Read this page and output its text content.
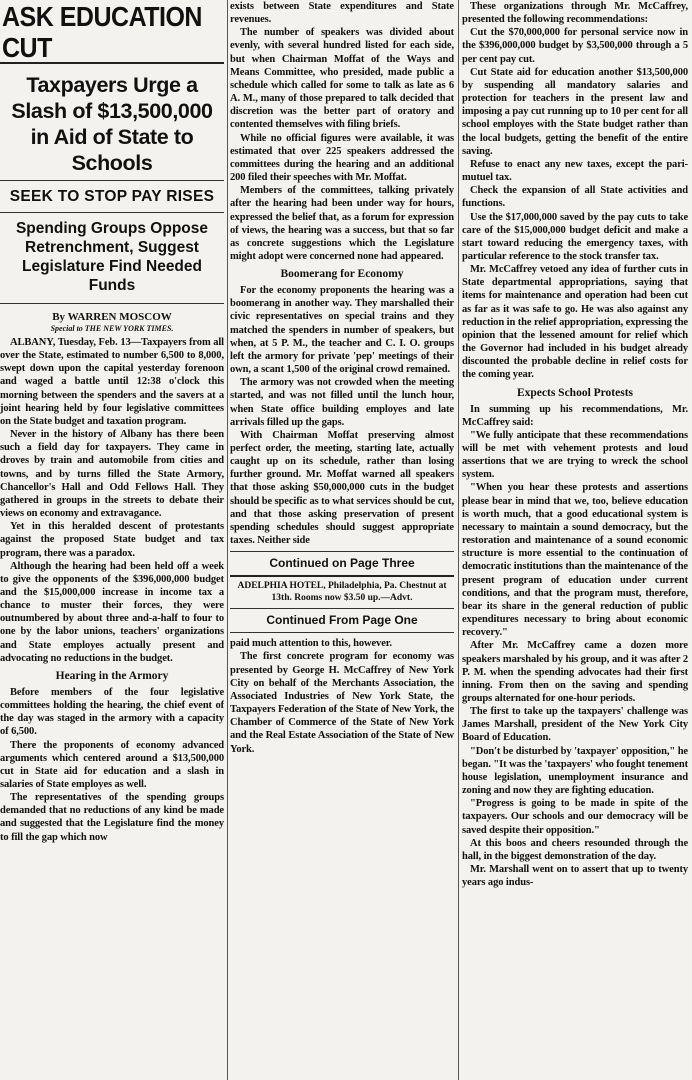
ASK EDUCATION CUT
Taxpayers Urge a Slash of $13,500,000 in Aid of State to Schools
SEEK TO STOP PAY RISES
Spending Groups Oppose Retrenchment, Suggest Legislature Find Needed Funds
By WARREN MOSCOW
Special to THE NEW YORK TIMES.

ALBANY, Tuesday, Feb. 13—Taxpayers from all over the State, estimated to number 6,500 to 8,000, swept down upon the capital yesterday forenoon and waged a battle until 12:38 o'clock this morning between the spenders and the savers at a joint hearing held by four legislative committees on the State budget and taxation program.

Never in the history of Albany has there been such a field day for taxpayers. They came in droves by train and automobile from cities and towns, and by turns filled the State Armory, Chancellor's Hall and Odd Fellows Hall. They gathered in groups in the streets to debate their views on economy and extravagance.

Yet in this heralded descent of protestants against the proposed State budget and tax program, there was a paradox.

Although the hearing had been held off a week to give the opponents of the $396,000,000 budget and the $15,000,000 increase in income tax a chance to muster their forces, they were outnumbered by about three and-a-half to four to one by the labor unions, teachers' organizations and State employes actually present and advocating no reductions in the budget.

Hearing in the Armory

Before members of the four legislative committees holding the hearing, the chief event of the day was staged in the armory with a capacity of 6,500.

There the proponents of economy advanced arguments which centered around a $13,500,000 cut in State aid for education and a slash in salaries of State employes as well.

The representatives of the spending groups demanded that no reductions of any kind be made and suggested that the Legislature find the money to fill the gap which now

exists between State expenditures and State revenues.

The number of speakers was divided about evenly, with several hundred listed for each side, but when Chairman Moffat of the Ways and Means Committee, who presided, made public a schedule which called for some to talk as late as 6 A. M., many of those prepared to talk decided that discretion was the better part of oratory and contented themselves with filing briefs.

While no official figures were available, it was estimated that over 225 speakers addressed the committees during the hearing and an additional 200 filed their speeches with Mr. Moffat.

Members of the committees, talking privately after the hearing had been under way for hours, expressed the belief that, as a forum for expression of views, the hearing was a success, but that so far as concrete suggestions which the Legislature might adopt were concerned none had appeared.

Boomerang for Economy

For the economy proponents the hearing was a boomerang in another way. They marshalled their civic representatives on special trains and they matched the spenders in number of speakers, but when, at 5 P. M., the teacher and C. I. O. groups left the armory for private 'pep' meetings of their own, a scant 1,500 of the original crowd remained.

The armory was not crowded when the meeting started, and was not filled until the lunch hour, when State office building employes and late arrivals filled up the gaps.

With Chairman Moffat preserving almost perfect order, the meeting, starting late, actually caught up on its schedule, rather than losing further ground. Mr. Moffat warned all speakers that those asking $50,000,000 cuts in the budget should be specific as to what services should be cut, and that those asking preservation of present spending schedules should suggest appropriate taxes. Neither side

Continued on Page Three
ADELPHIA HOTEL, Philadelphia, Pa. Chestnut at 13th. Rooms now $3.50 up.—Advt.
Continued From Page One

paid much attention to this, however.

The first concrete program for economy was presented by George H. McCaffrey of New York City on behalf of the Merchants Association, the Associated Industries of New York State, the Taxpayers Federation of the State of New York, the Chamber of Commerce of the State of New York and the Real Estate Association of the State of New York.

These organizations through Mr. McCaffrey, presented the following recommendations:

Cut the $70,000,000 for personal service now in the $396,000,000 budget by $3,500,000 through a 5 per cent pay cut.

Cut State aid for education another $13,500,000 by suspending all mandatory salaries and protection for teachers in the present law and imposing a pay cut running up to 10 per cent for all school employes with the State budget rather than the local budgets, getting the benefit of the entire saving.

Refuse to enact any new taxes, except the pari-mutuel tax.

Check the expansion of all State activities and functions.

Use the $17,000,000 saved by the pay cuts to take care of the $15,000,000 budget deficit and make a start toward reducing the emergency taxes, with particular reference to the stock transfer tax.

Mr. McCaffrey vetoed any idea of further cuts in State departmental appropriations, saying that items for maintenance and operation had been cut as far as it was safe to go. He was also against any reduction in the relief appropriation, expressing the opinion that the lessened amount for relief which the Governor had included in his budget already discounted the probable decline in relief costs for the coming year.

Expects School Protests

In summing up his recommendations, Mr. McCaffrey said:

"We fully anticipate that these recommendations will be met with vehement protests and loud assertions that we are trying to wreck the school system.

"When you hear these protests and assertions please bear in mind that we, too, believe education is worth much, that a good educational system is necessary to maintain a sound democracy, but the restoration and maintenance of a sound economic structure is more essential to the continuation of democratic institutions than the maintenance of the present program of education under current conditions, and that the program must, therefore, bear its share in the general reduction of public expenditures necessary to bring about economic recovery."

After Mr. McCaffrey came a dozen more speakers marshaled by his group, and it was after 2 P. M. when the spending advocates had their first inning. From then on the saving and spending groups alternated for one-hour periods.

The first to take up the taxpayers' challenge was James Marshall, president of the New York City Board of Education.

"Don't be disturbed by 'taxpayer' opposition," he began. "It was the 'taxpayers' who fought tenement house legislation, unemployment insurance and zoning and now they are fighting education.

"Progress is going to be made in spite of the taxpayers. Our schools and our democracy will be saved despite their opposition."

At this boos and cheers resounded through the hall, in the biggest demonstration of the day.

Mr. Marshall went on to assert that up to twenty years ago indus-
